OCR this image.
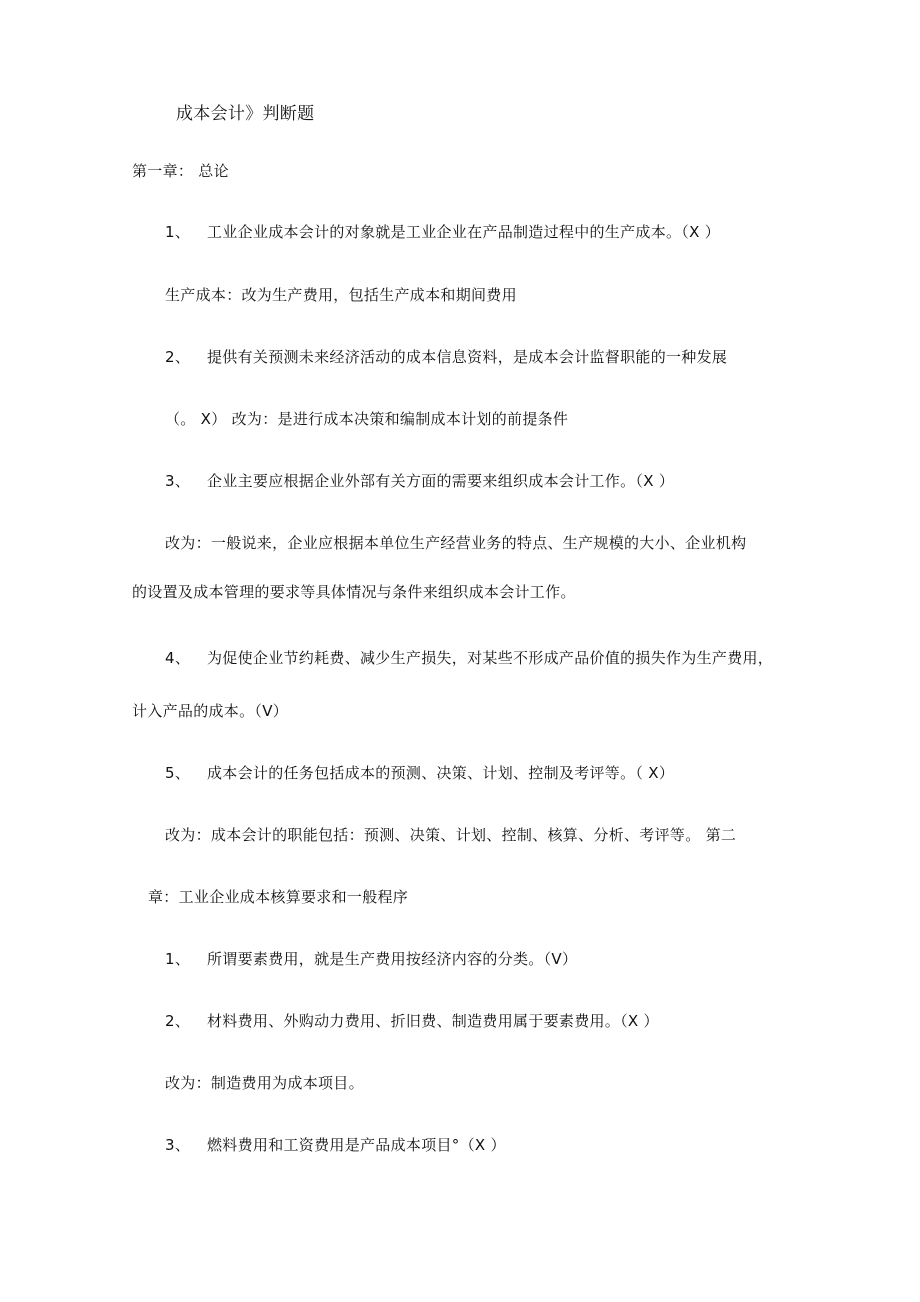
成本会计》判断题
第一章： 总论
1、 工业企业成本会计的对象就是工业企业在产品制造过程中的生产成本。（X ）
生产成本：改为生产费用，包括生产成本和期间费用
2、 提供有关预测未来经济活动的成本信息资料，是成本会计监督职能的一种发展
（。 X） 改为：是进行成本决策和编制成本计划的前提条件
3、 企业主要应根据企业外部有关方面的需要来组织成本会计工作。（X ）
改为：一般说来，企业应根据本单位生产经营业务的特点、生产规模的大小、企业机构
的设置及成本管理的要求等具体情况与条件来组织成本会计工作。
4、 为促使企业节约耗费、减少生产损失，对某些不形成产品价值的损失作为生产费用，
计入产品的成本。（V）
5、 成本会计的任务包括成本的预测、决策、计划、控制及考评等。（ X）
改为：成本会计的职能包括：预测、决策、计划、控制、核算、分析、考评等。 第二
章：工业企业成本核算要求和一般程序
1、 所谓要素费用，就是生产费用按经济内容的分类。（V）
2、 材料费用、外购动力费用、折旧费、制造费用属于要素费用。（X ）
改为：制造费用为成本项目。
3、 燃料费用和工资费用是产品成本项目°（X ）
